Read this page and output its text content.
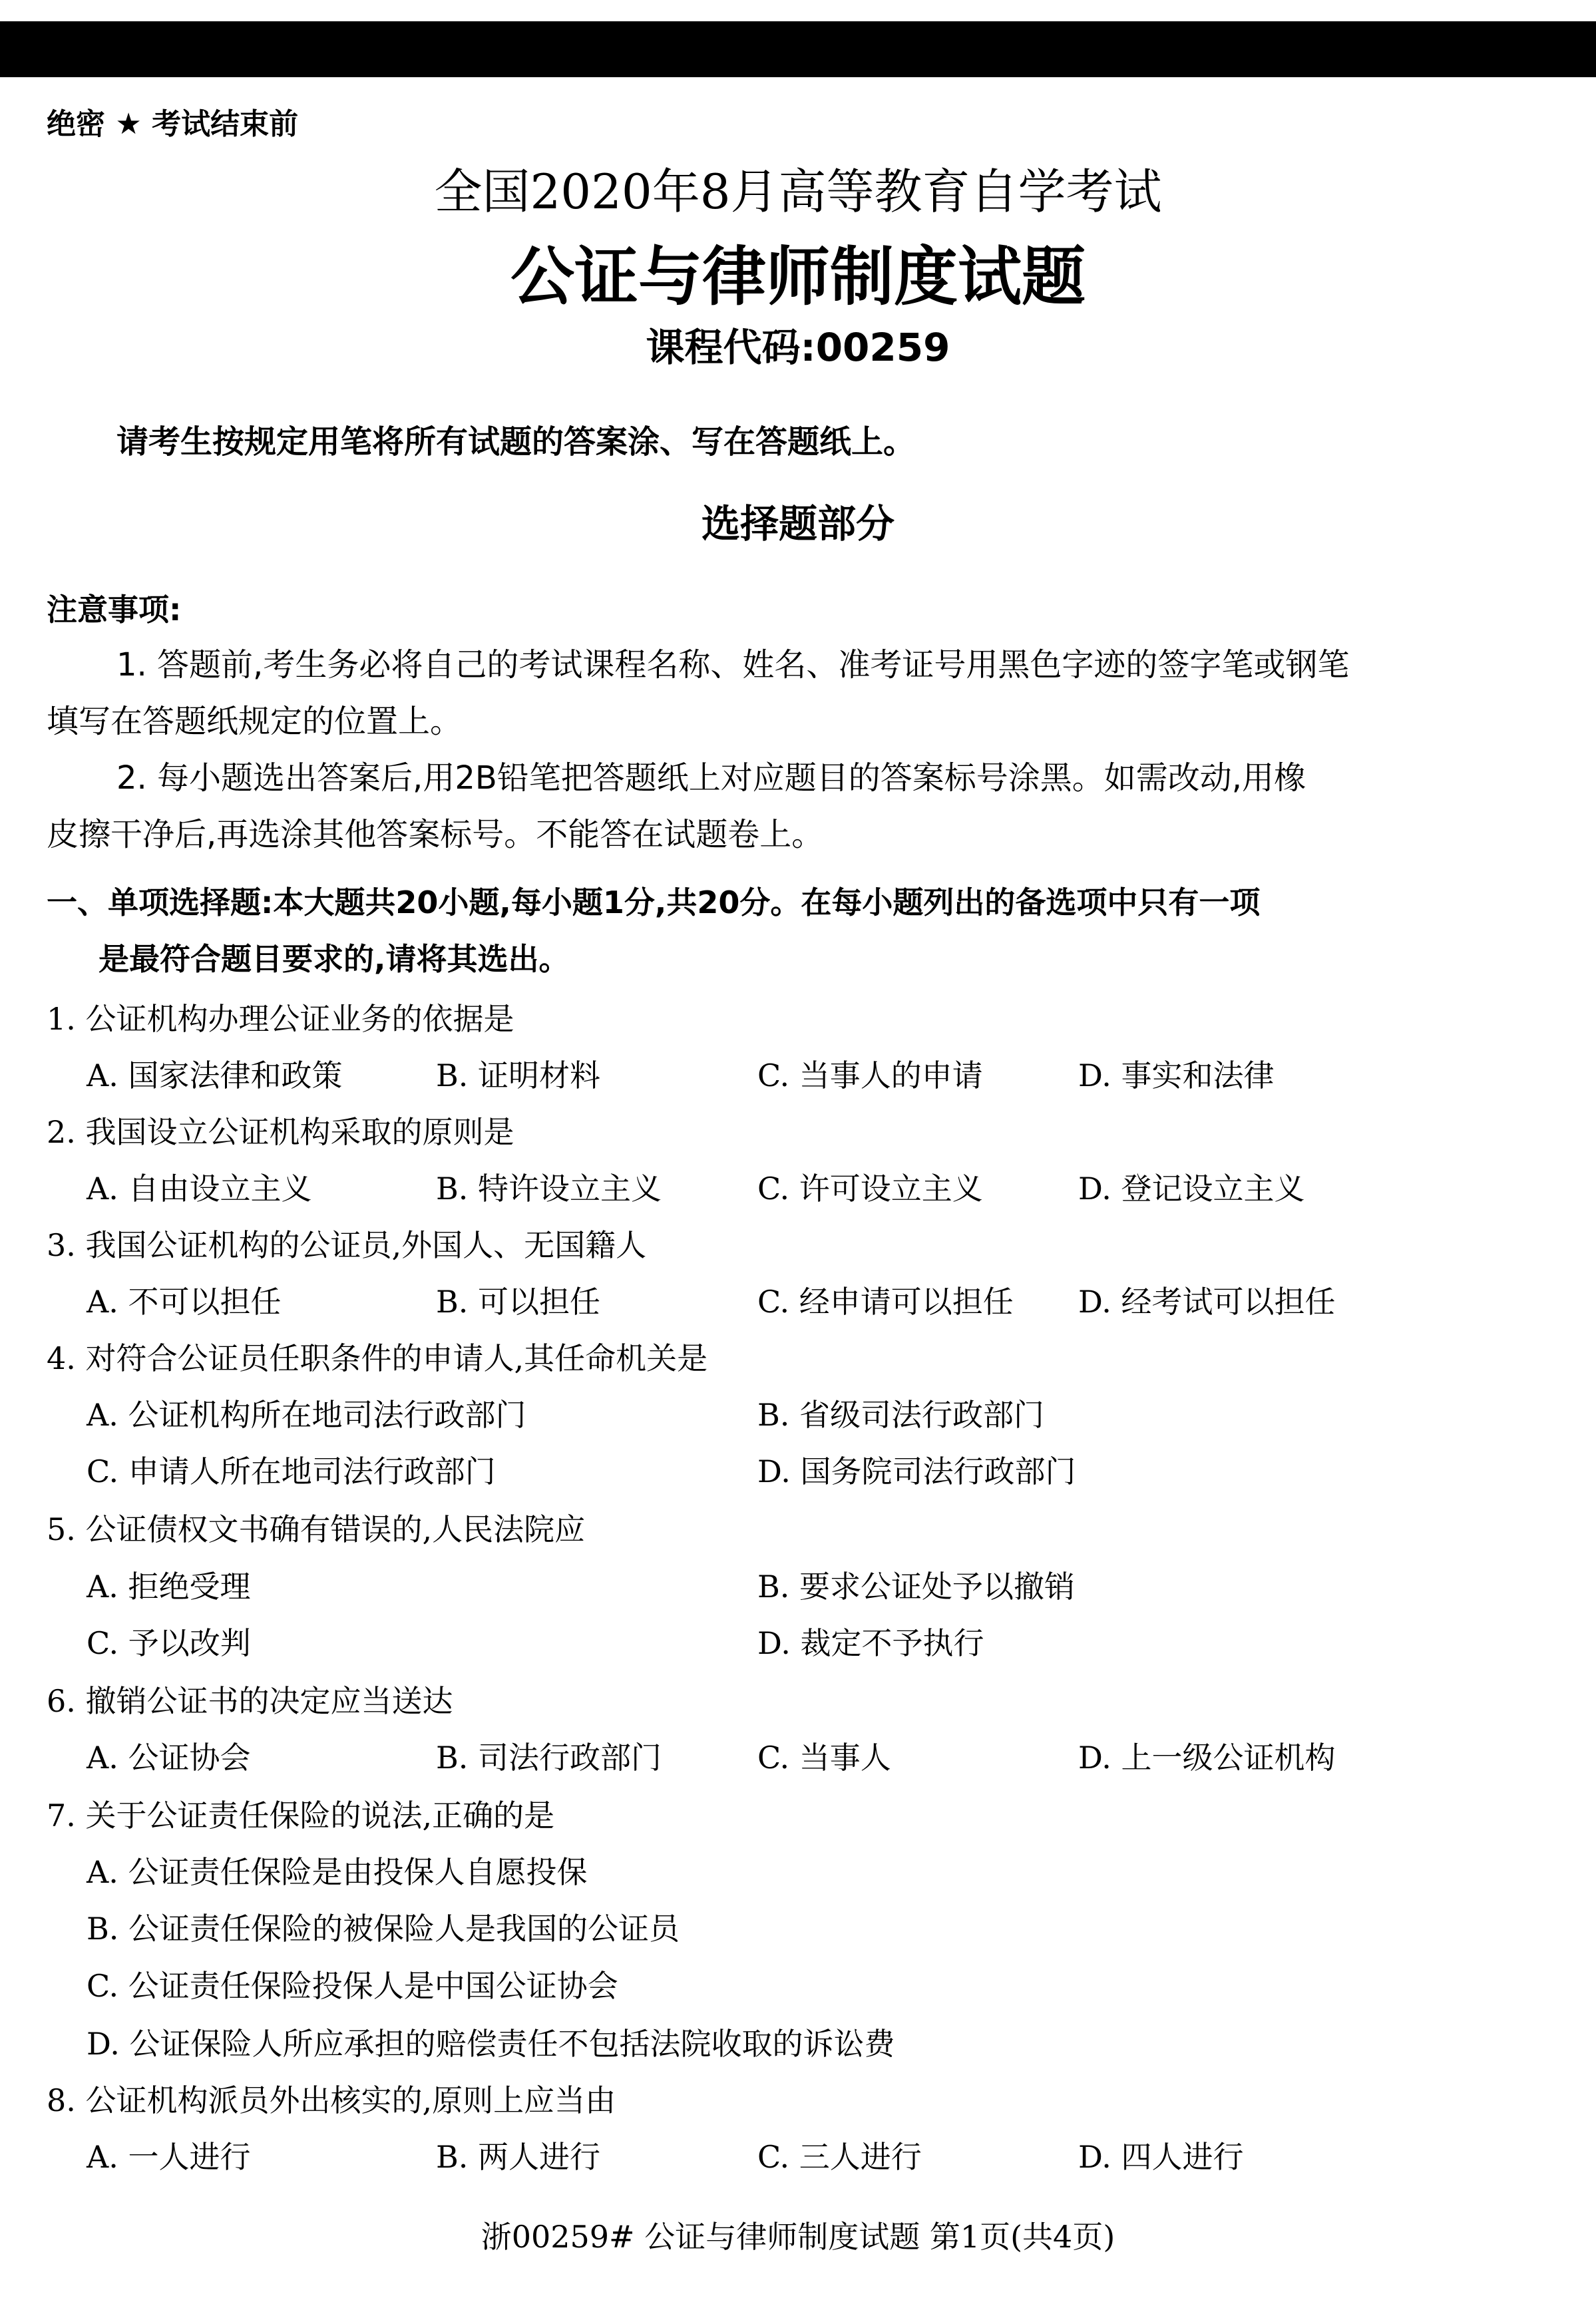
绝密 ★ 考试结束前
全国2020年8月高等教育自学考试
公证与律师制度试题
课程代码:00259
请考生按规定用笔将所有试题的答案涂、写在答题纸上。
选择题部分
注意事项:
1. 答题前,考生务必将自己的考试课程名称、姓名、准考证号用黑色字迹的签字笔或钢笔
填写在答题纸规定的位置上。
2. 每小题选出答案后,用2B铅笔把答题纸上对应题目的答案标号涂黑。如需改动,用橡
皮擦干净后,再选涂其他答案标号。不能答在试题卷上。
一、单项选择题:本大题共20小题,每小题1分,共20分。在每小题列出的备选项中只有一项
是最符合题目要求的,请将其选出。
1. 公证机构办理公证业务的依据是
A. 国家法律和政策	B. 证明材料	C. 当事人的申请	D. 事实和法律
2. 我国设立公证机构采取的原则是
A. 自由设立主义	B. 特许设立主义	C. 许可设立主义	D. 登记设立主义
3. 我国公证机构的公证员,外国人、无国籍人
A. 不可以担任	B. 可以担任	C. 经申请可以担任 D. 经考试可以担任
4. 对符合公证员任职条件的申请人,其任命机关是
A. 公证机构所在地司法行政部门	B. 省级司法行政部门
C. 申请人所在地司法行政部门	D. 国务院司法行政部门
5. 公证债权文书确有错误的,人民法院应
A. 拒绝受理	B. 要求公证处予以撤销
C. 予以改判	D. 裁定不予执行
6. 撤销公证书的决定应当送达
A. 公证协会	B. 司法行政部门	C. 当事人	D. 上一级公证机构
7. 关于公证责任保险的说法,正确的是
A. 公证责任保险是由投保人自愿投保
B. 公证责任保险的被保险人是我国的公证员
C. 公证责任保险投保人是中国公证协会
D. 公证保险人所应承担的赔偿责任不包括法院收取的诉讼费
8. 公证机构派员外出核实的,原则上应当由
A. 一人进行	B. 两人进行	C. 三人进行	D. 四人进行
浙00259# 公证与律师制度试题 第1页(共4页)
